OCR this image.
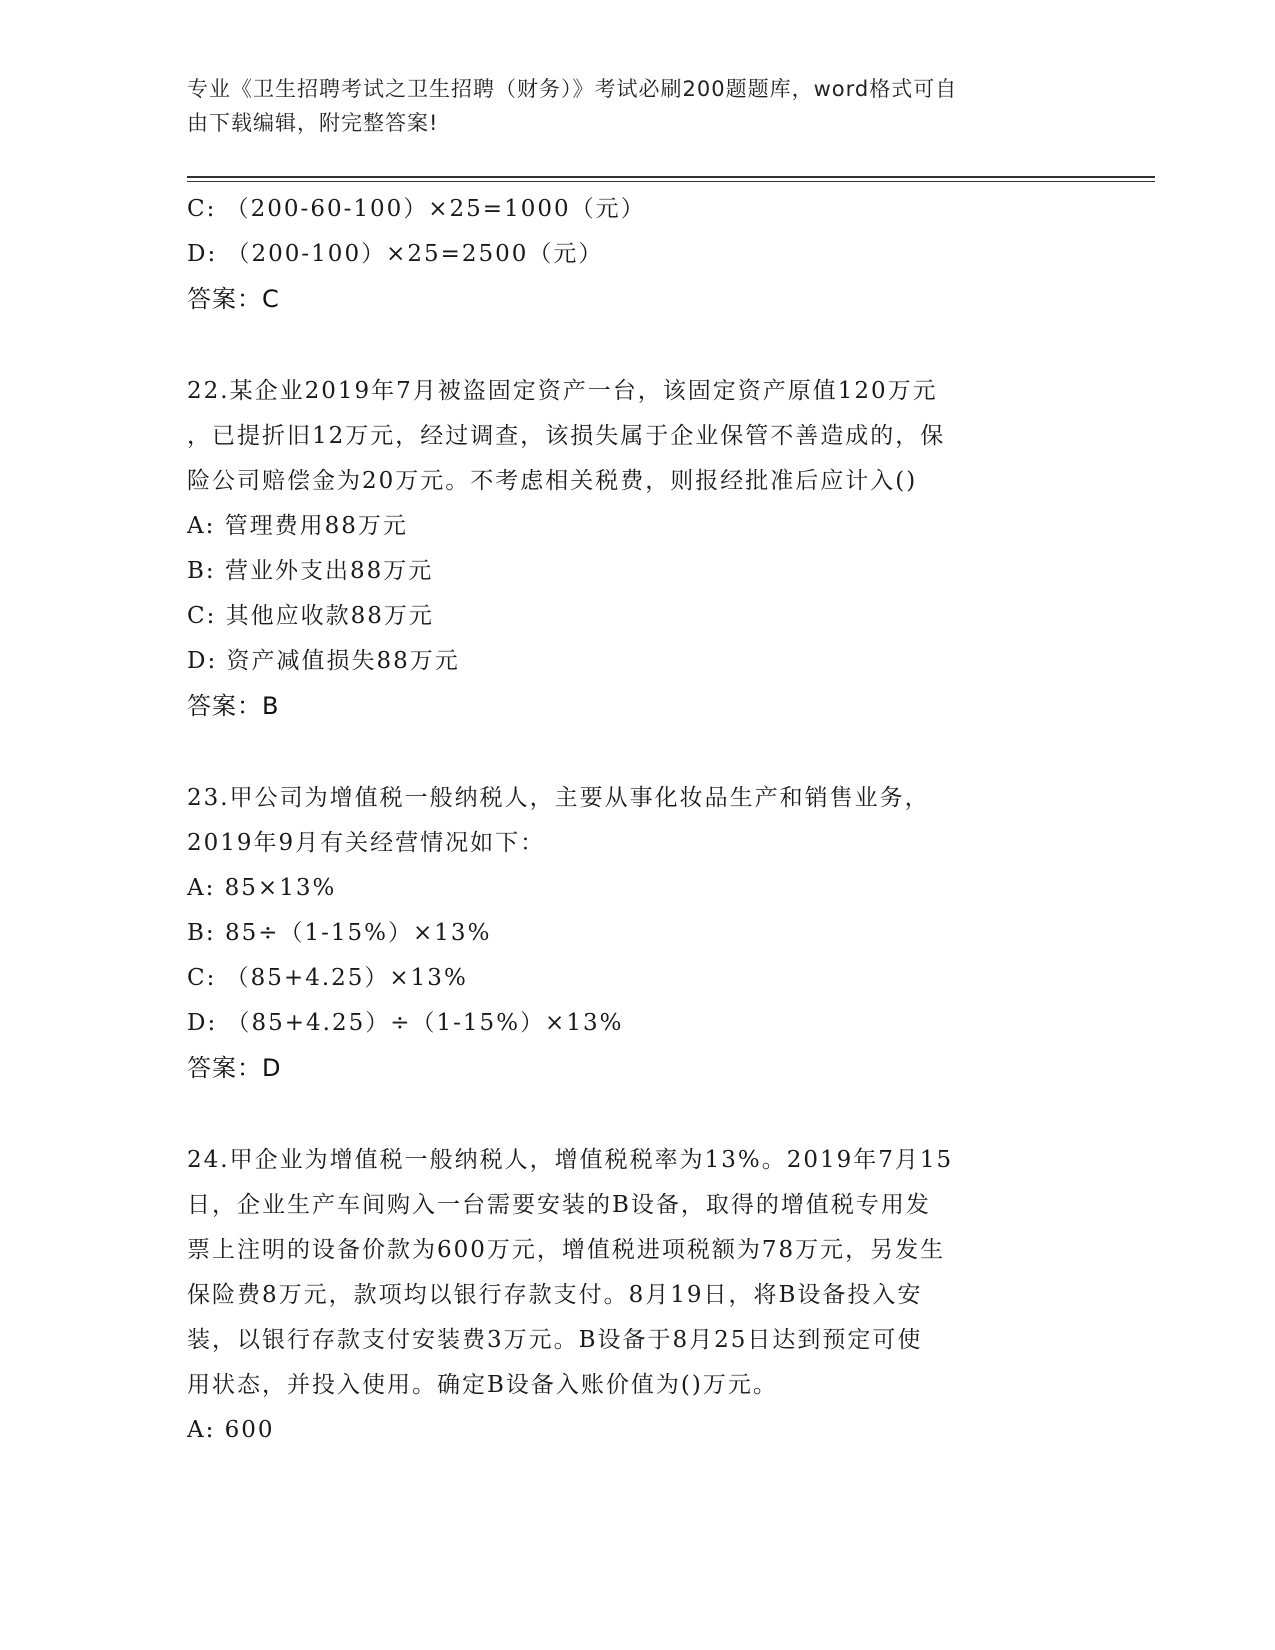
专业《卫生招聘考试之卫生招聘（财务）》考试必刷200题题库，word格式可自
由下载编辑，附完整答案!
C: （200-60-100）×25=1000（元）
D: （200-100）×25=2500（元）
答案：C
22.某企业2019年7月被盗固定资产一台，该固定资产原值120万元
，已提折旧12万元，经过调查，该损失属于企业保管不善造成的，保
险公司赔偿金为20万元。不考虑相关税费，则报经批准后应计入()
A: 管理费用88万元
B: 营业外支出88万元
C: 其他应收款88万元
D: 资产减值损失88万元
答案：B
23.甲公司为增值税一般纳税人，主要从事化妆品生产和销售业务，
2019年9月有关经营情况如下：
A: 85×13%
B: 85÷（1-15%）×13%
C: （85+4.25）×13%
D: （85+4.25）÷（1-15%）×13%
答案：D
24.甲企业为增值税一般纳税人，增值税税率为13%。2019年7月15
日，企业生产车间购入一台需要安装的B设备，取得的增值税专用发
票上注明的设备价款为600万元，增值税进项税额为78万元，另发生
保险费8万元，款项均以银行存款支付。8月19日，将B设备投入安
装，以银行存款支付安装费3万元。B设备于8月25日达到预定可使
用状态，并投入使用。确定B设备入账价值为()万元。
A: 600
